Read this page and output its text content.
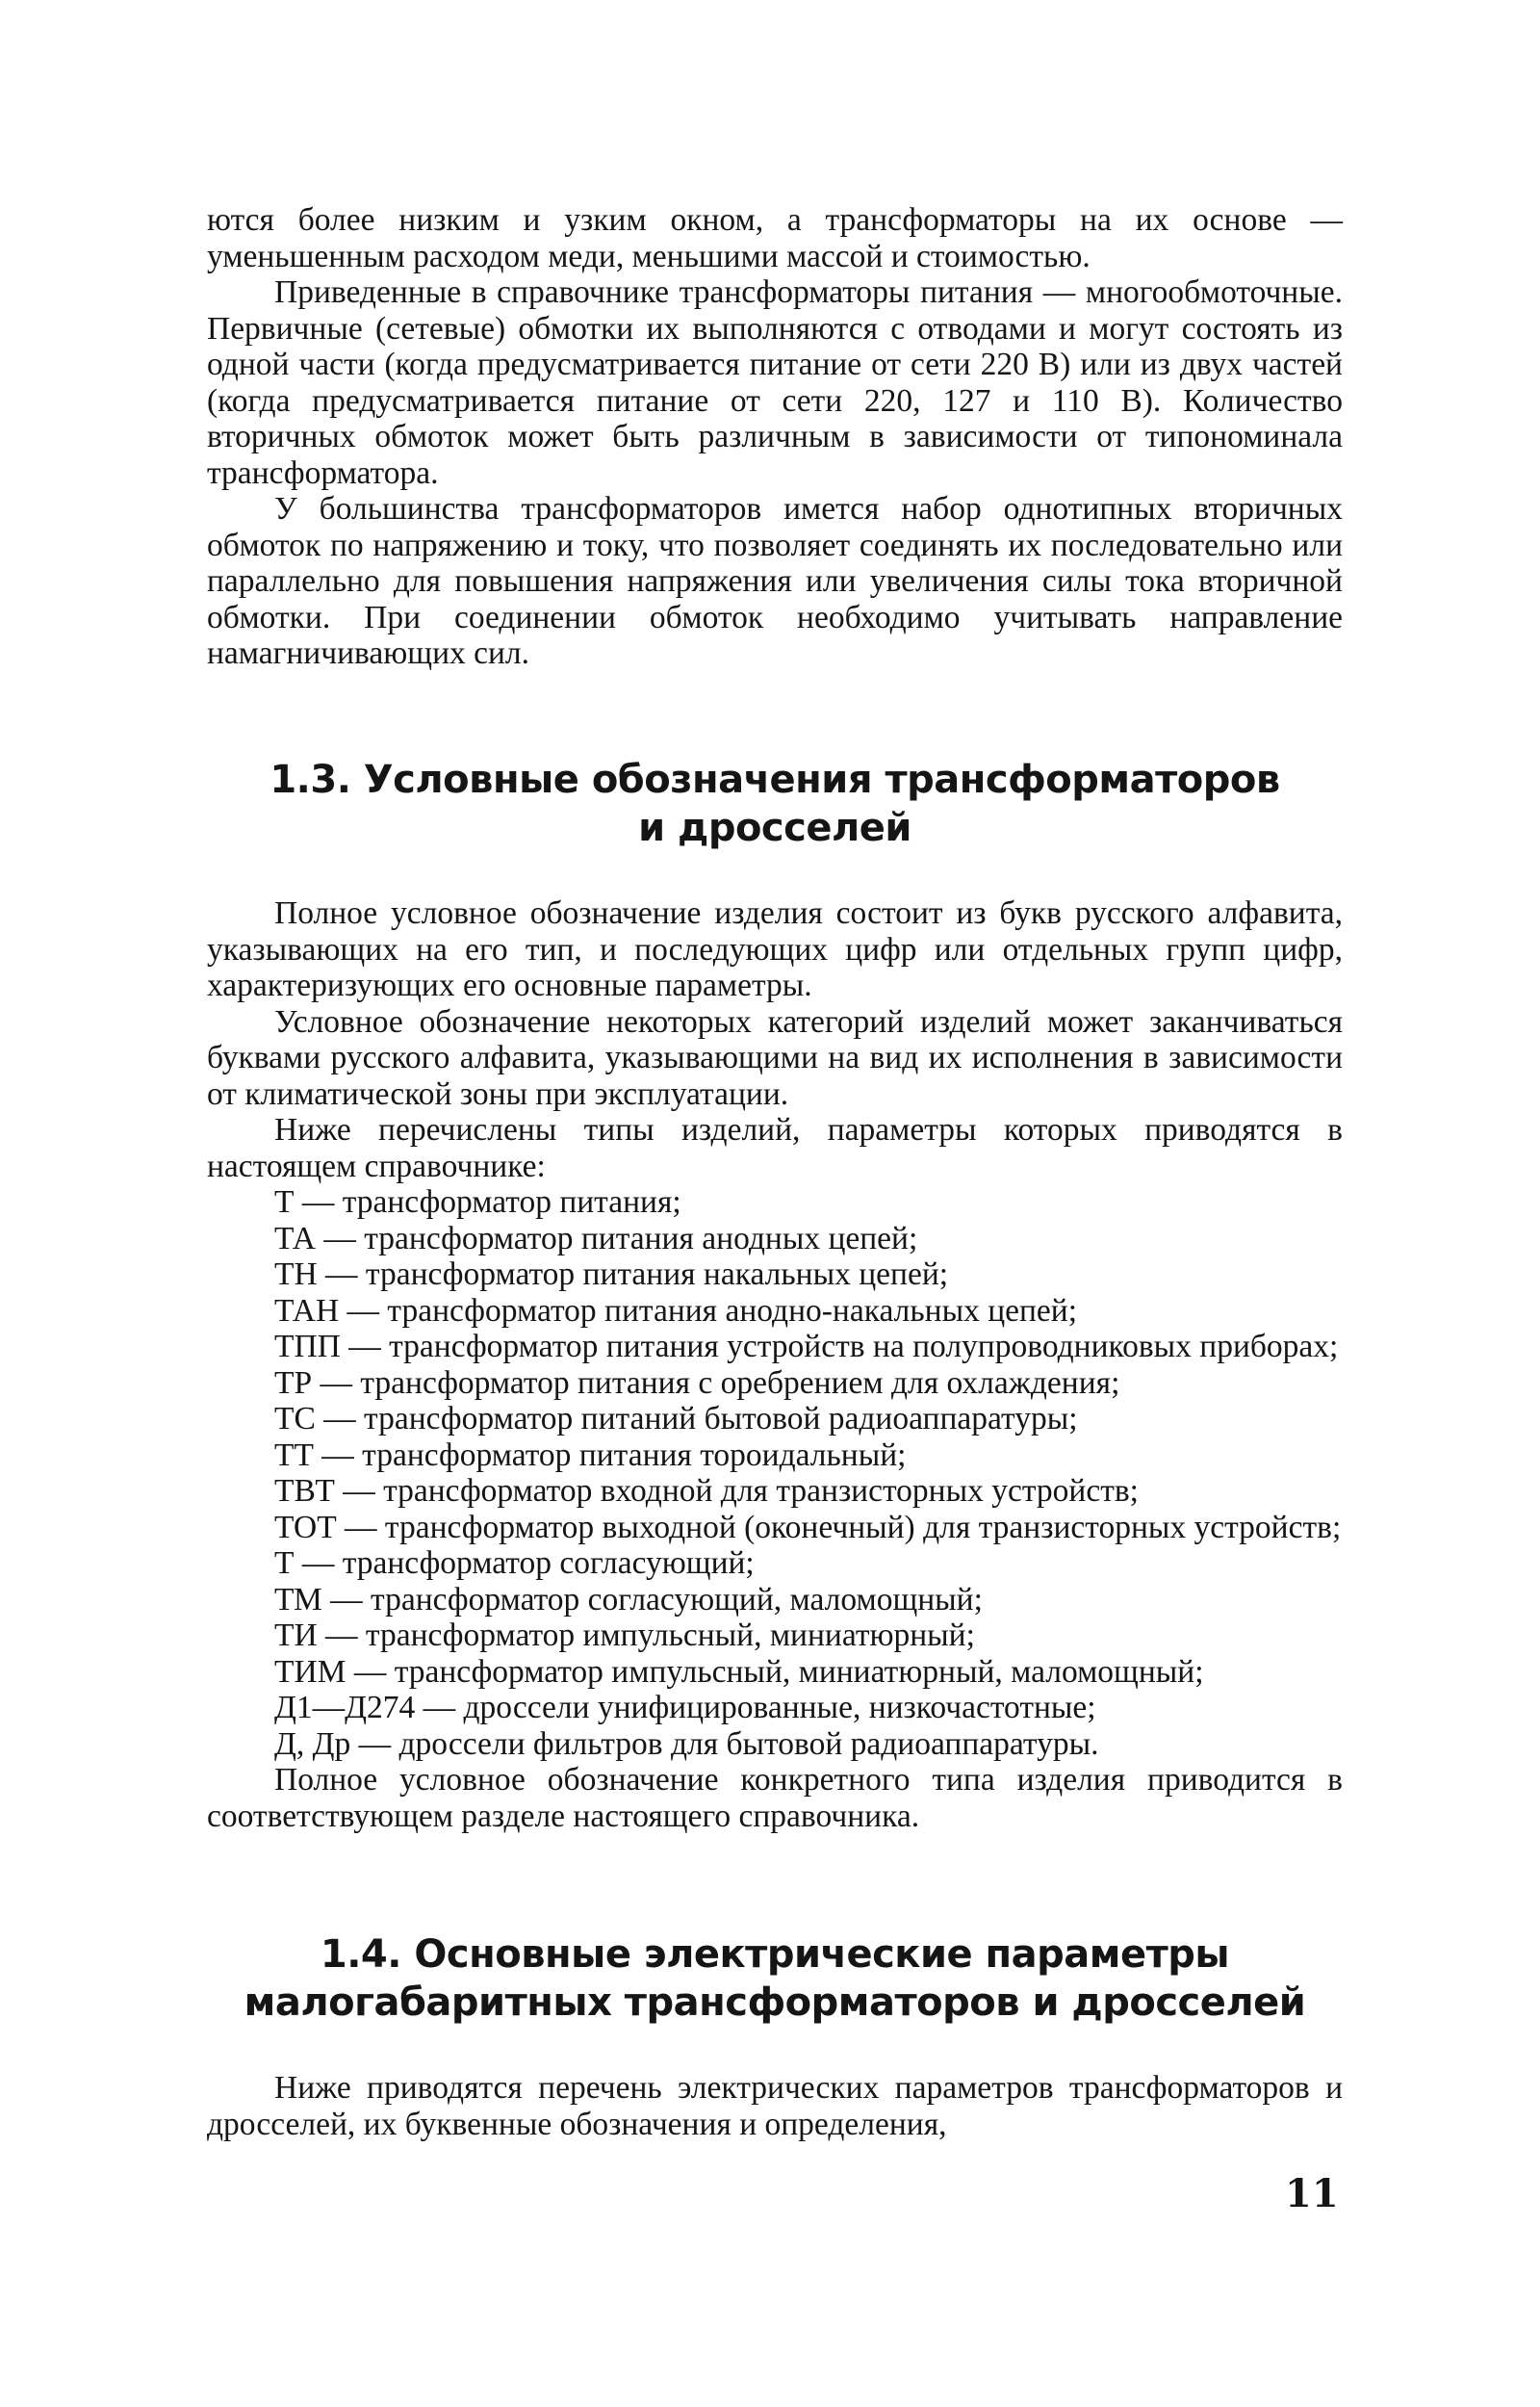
ются более низким и узким окном, а трансформаторы на их основе — уменьшенным расходом меди, меньшими массой и стоимостью.

Приведенные в справочнике трансформаторы питания — многообмоточные. Первичные (сетевые) обмотки их выполняются с отводами и могут состоять из одной части (когда предусматривается питание от сети 220 В) или из двух частей (когда предусматривается питание от сети 220, 127 и 110 В). Количество вторичных обмоток может быть различным в зависимости от типономинала трансформатора.

У большинства трансформаторов имется набор однотипных вторичных обмоток по напряжению и току, что позволяет соединять их последовательно или параллельно для повышения напряжения или увеличения силы тока вторичной обмотки. При соединении обмоток необходимо учитывать направление намагничивающих сил.

1.3. Условные обозначения трансформаторов
и дросселей

Полное условное обозначение изделия состоит из букв русского алфавита, указывающих на его тип, и последующих цифр или отдельных групп цифр, характеризующих его основные параметры.

Условное обозначение некоторых категорий изделий может заканчиваться буквами русского алфавита, указывающими на вид их исполнения в зависимости от климатической зоны при эксплуатации.

Ниже перечислены типы изделий, параметры которых приводятся в настоящем справочнике:

Т — трансформатор питания;
ТА — трансформатор питания анодных цепей;
ТН — трансформатор питания накальных цепей;
ТАН — трансформатор питания анодно-накальных цепей;
ТПП — трансформатор питания устройств на полупроводниковых приборах;
ТР — трансформатор питания с оребрением для охлаждения;
ТС — трансформатор питаний бытовой радиоаппаратуры;
ТТ — трансформатор питания тороидальный;
ТВТ — трансформатор входной для транзисторных устройств;
ТОТ — трансформатор выходной (оконечный) для транзисторных устройств;
Т — трансформатор согласующий;
ТМ — трансформатор согласующий, маломощный;
ТИ — трансформатор импульсный, миниатюрный;
ТИМ — трансформатор импульсный, миниатюрный, маломощный;
Д1—Д274 — дроссели унифицированные, низкочастотные;
Д, Др — дроссели фильтров для бытовой радиоаппаратуры.

Полное условное обозначение конкретного типа изделия приводится в соответствующем разделе настоящего справочника.

1.4. Основные электрические параметры
малогабаритных трансформаторов и дросселей

Ниже приводятся перечень электрических параметров трансформаторов и дросселей, их буквенные обозначения и определения,

11
